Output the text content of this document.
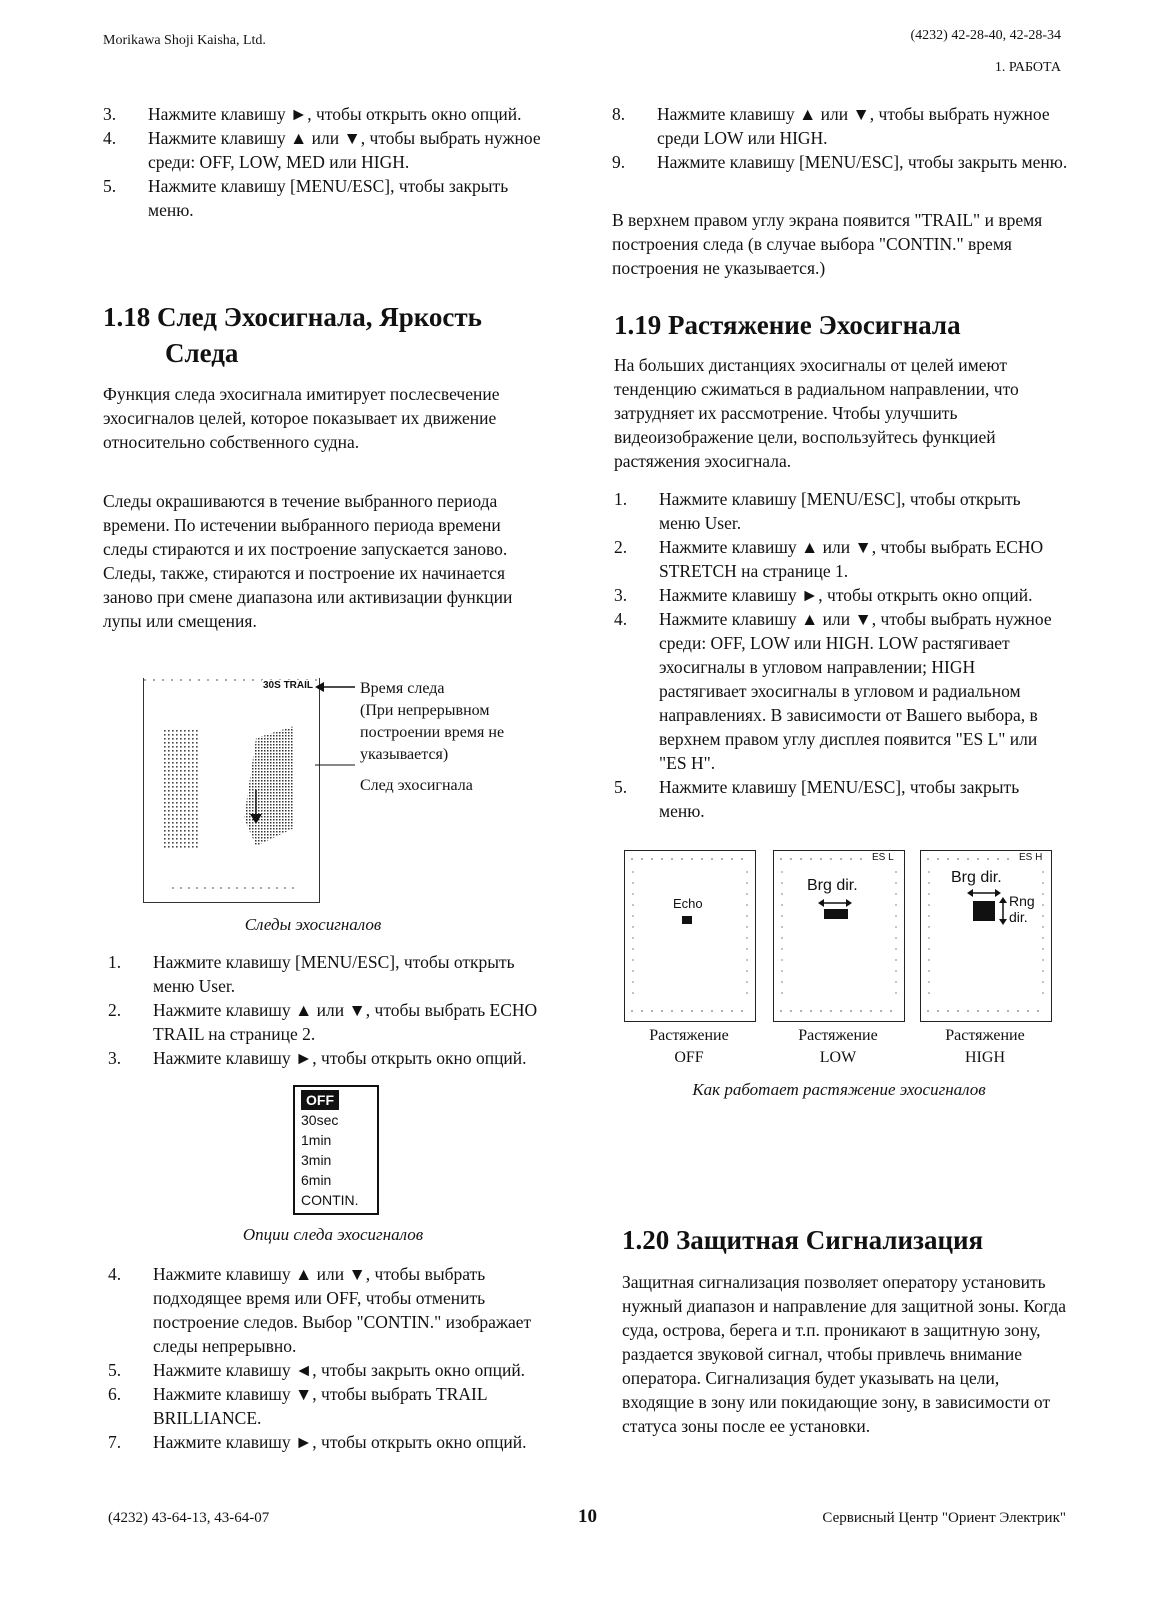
Morikawa Shoji Kaisha, Ltd.	(4232) 42-28-40, 42-28-34
1. РАБОТА
3. Нажмите клавишу ►, чтобы открыть окно опций.
4. Нажмите клавишу ▲ или ▼, чтобы выбрать нужное среди: OFF, LOW, MED или HIGH.
5. Нажмите клавишу [MENU/ESC], чтобы закрыть меню.
1.18 След Эхосигнала, Яркость
Следа

Функция следа эхосигнала имитирует послесвечение эхосигналов целей, которое показывает их движение относительно собственного судна.

Следы окрашиваются в течение выбранного периода времени. По истечении выбранного периода времени следы стираются и их построение запускается заново. Следы, также, стираются и построение их начинается заново при смене диапазона или активизации функции лупы или смещения.

30S TRAIL	Время следа
(При непрерывном построении время не указывается)
След эхосигнала
Следы эхосигналов
1. Нажмите клавишу [MENU/ESC], чтобы открыть меню User.
2. Нажмите клавишу ▲ или ▼, чтобы выбрать ECHO TRAIL на странице 2.
3. Нажмите клавишу ►, чтобы открыть окно опций.
OFF
30sec
1min
3min
6min
CONTIN.
Опции следа эхосигналов
4. Нажмите клавишу ▲ или ▼, чтобы выбрать подходящее время или OFF, чтобы отменить построение следов. Выбор "CONTIN." изображает следы непрерывно.
5. Нажмите клавишу ◄, чтобы закрыть окно опций.
6. Нажмите клавишу ▼, чтобы выбрать TRAIL BRILLIANCE.
7. Нажмите клавишу ►, чтобы открыть окно опций.
8. Нажмите клавишу ▲ или ▼, чтобы выбрать нужное среди LOW или HIGH.
9. Нажмите клавишу [MENU/ESC], чтобы закрыть меню.

В верхнем правом углу экрана появится "TRAIL" и время построения следа (в случае выбора "CONTIN." время построения не указывается.)

1.19 Растяжение Эхосигнала

На больших дистанциях эхосигналы от целей имеют тенденцию сжиматься в радиальном направлении, что затрудняет их рассмотрение. Чтобы улучшить видеоизображение цели, воспользуйтесь функцией растяжения эхосигнала.

1. Нажмите клавишу [MENU/ESC], чтобы открыть меню User.
2. Нажмите клавишу ▲ или ▼, чтобы выбрать ECHO STRETCH на странице 1.
3. Нажмите клавишу ►, чтобы открыть окно опций.
4. Нажмите клавишу ▲ или ▼, чтобы выбрать нужное среди: OFF, LOW или HIGH. LOW растягивает эхосигналы в угловом направлении; HIGH растягивает эхосигналы в угловом и радиальном направлениях. В зависимости от Вашего выбора, в верхнем правом углу дисплея появится "ES L" или "ES H".
5. Нажмите клавишу [MENU/ESC], чтобы закрыть меню.
Echo
ES L
Brg dir.
ES H
Brg dir.
Rng
dir.
Растяжение
OFF
Растяжение
LOW
Растяжение
HIGH
Как работает растяжение эхосигналов
1.20 Защитная Сигнализация

Защитная сигнализация позволяет оператору установить нужный диапазон и направление для защитной зоны. Когда суда, острова, берега и т.п. проникают в защитную зону, раздается звуковой сигнал, чтобы привлечь внимание оператора. Сигнализация будет указывать на цели, входящие в зону или покидающие зону, в зависимости от статуса зоны после ее установки.

(4232) 43-64-13, 43-64-07	10	Сервисный Центр "Ориент Электрик"
